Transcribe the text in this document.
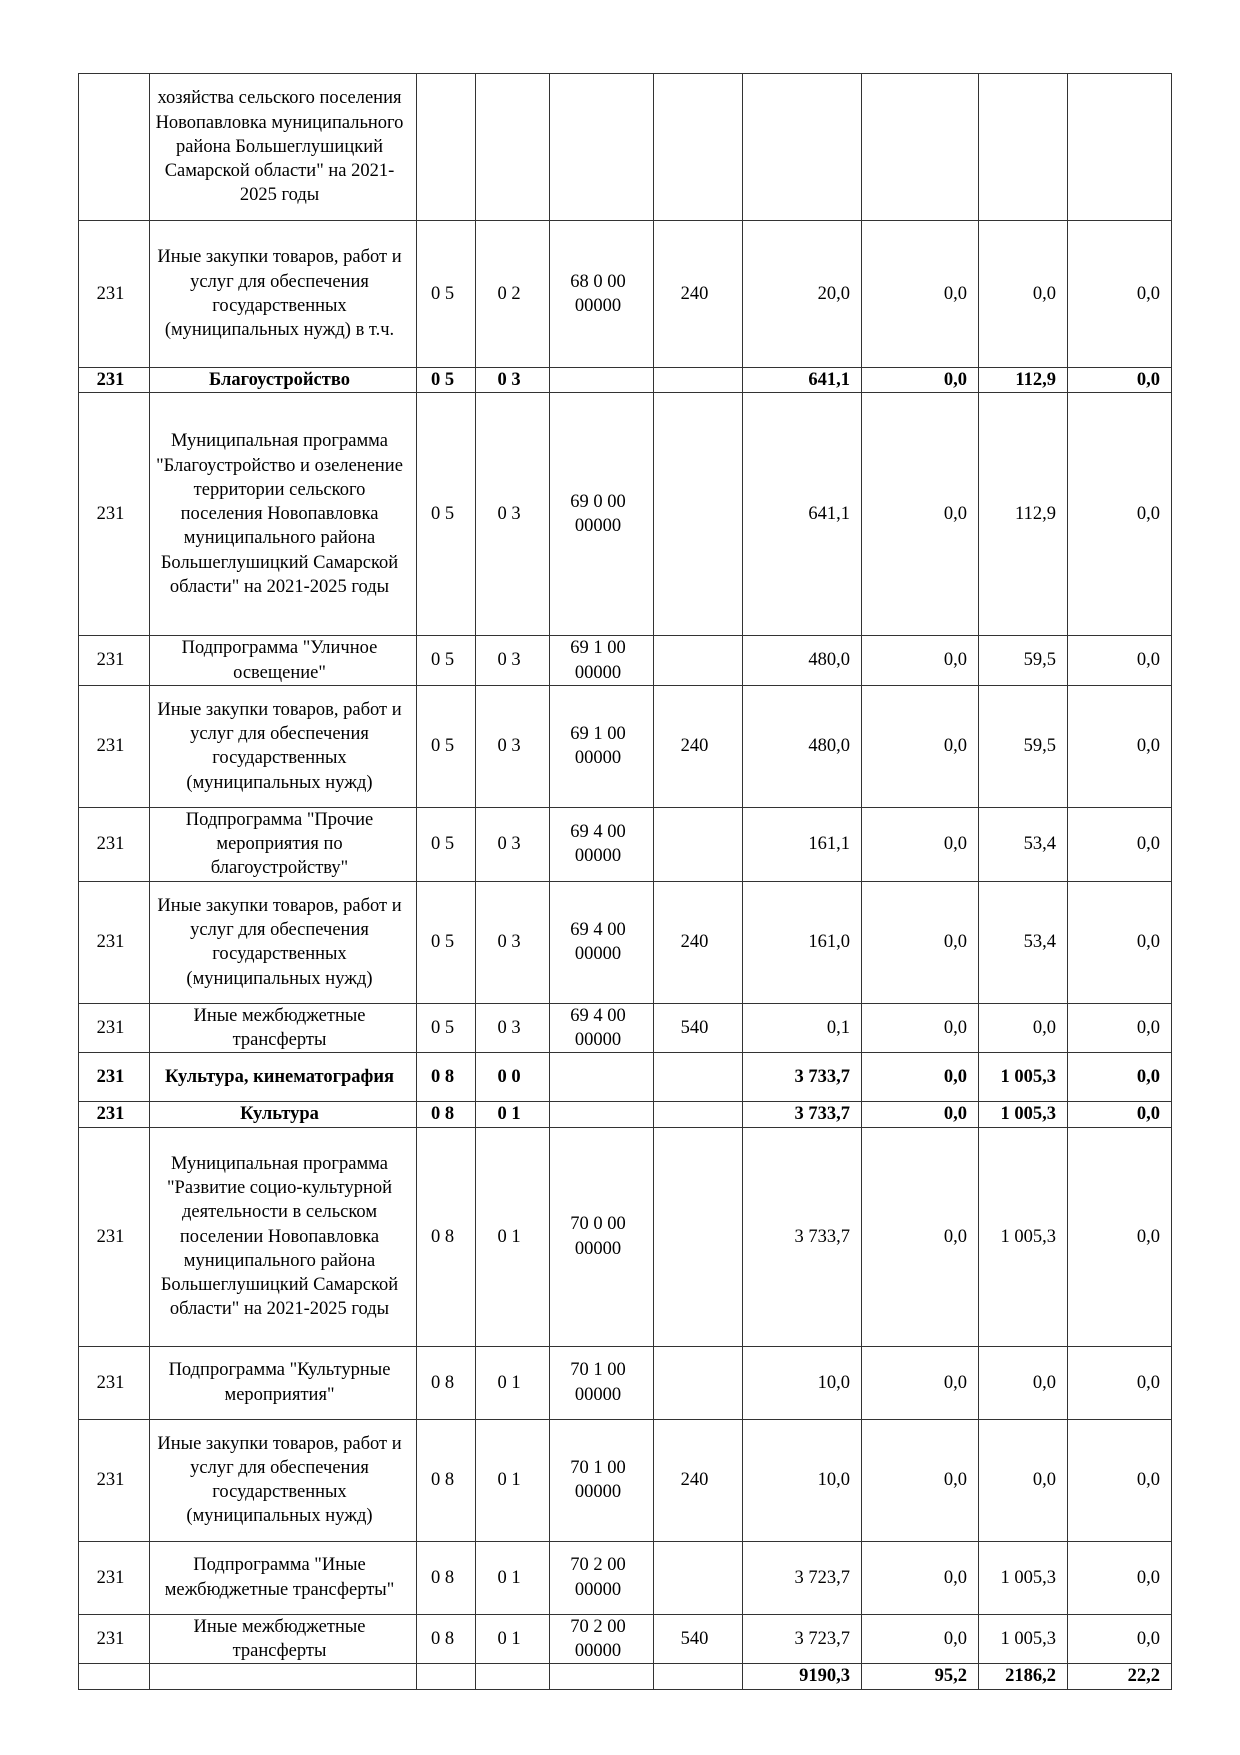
	хозяйства сельского поселения Новопавловка муниципального района Большеглушицкий Самарской области" на 2021-2025 годы								
231	Иные закупки товаров, работ и услуг для обеспечения государственных (муниципальных нужд) в т.ч.	0 5	0 2	68 0 00 00000	240	20,0	0,0	0,0	0,0
231	Благоустройство	0 5	0 3			641,1	0,0	112,9	0,0
231	Муниципальная программа "Благоустройство и озеленение территории сельского поселения Новопавловка муниципального района Большеглушицкий Самарской области" на 2021-2025 годы	0 5	0 3	69 0 00 00000		641,1	0,0	112,9	0,0
231	Подпрограмма "Уличное освещение"	0 5	0 3	69 1 00 00000		480,0	0,0	59,5	0,0
231	Иные закупки товаров, работ и услуг для обеспечения государственных (муниципальных нужд)	0 5	0 3	69 1 00 00000	240	480,0	0,0	59,5	0,0
231	Подпрограмма "Прочие мероприятия по благоустройству"	0 5	0 3	69 4 00 00000		161,1	0,0	53,4	0,0
231	Иные закупки товаров, работ и услуг для обеспечения государственных (муниципальных нужд)	0 5	0 3	69 4 00 00000	240	161,0	0,0	53,4	0,0
231	Иные межбюджетные трансферты	0 5	0 3	69 4 00 00000	540	0,1	0,0	0,0	0,0
231	Культура, кинематография	0 8	0 0			3 733,7	0,0	1 005,3	0,0
231	Культура	0 8	0 1			3 733,7	0,0	1 005,3	0,0
231	Муниципальная программа "Развитие социо-культурной деятельности в сельском поселении Новопавловка муниципального района Большеглушицкий Самарской области" на 2021-2025 годы	0 8	0 1	70 0 00 00000		3 733,7	0,0	1 005,3	0,0
231	Подпрограмма "Культурные мероприятия"	0 8	0 1	70 1 00 00000		10,0	0,0	0,0	0,0
231	Иные закупки товаров, работ и услуг для обеспечения государственных (муниципальных нужд)	0 8	0 1	70 1 00 00000	240	10,0	0,0	0,0	0,0
231	Подпрограмма "Иные межбюджетные трансферты"	0 8	0 1	70 2 00 00000		3 723,7	0,0	1 005,3	0,0
231	Иные межбюджетные трансферты	0 8	0 1	70 2 00 00000	540	3 723,7	0,0	1 005,3	0,0
						9190,3	95,2	2186,2	22,2
